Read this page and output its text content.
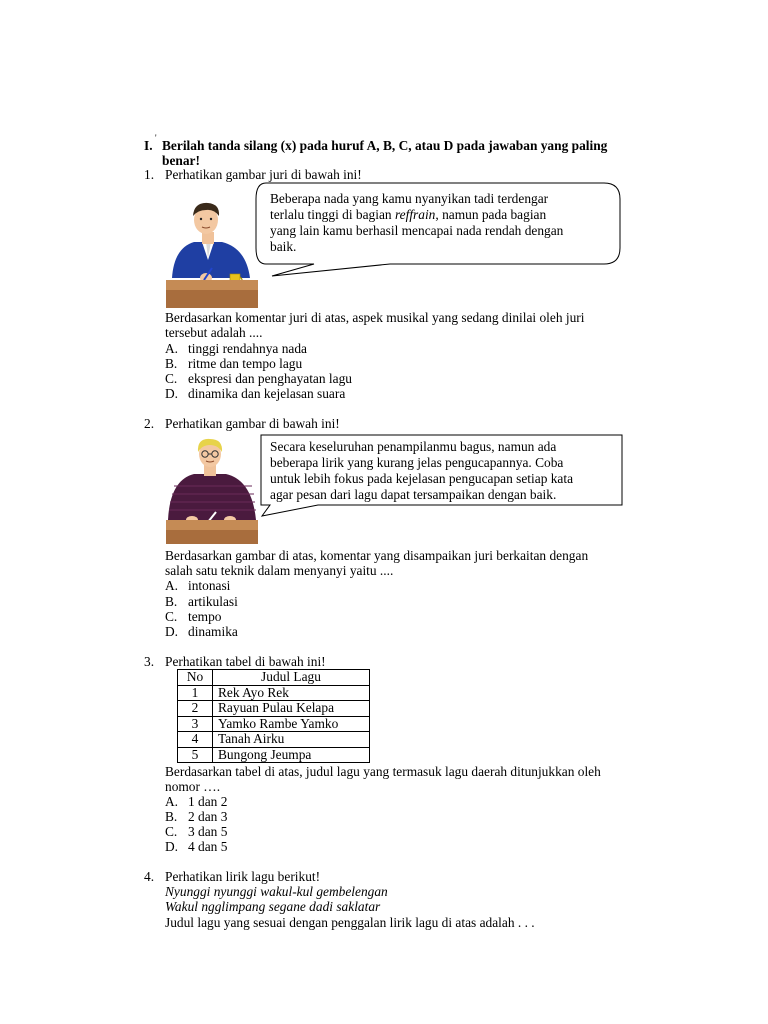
I. ' Berilah tanda silang (x) pada huruf A, B, C, atau D pada jawaban yang paling
benar!
1. Perhatikan gambar juri di bawah ini!
Beberapa nada yang kamu nyanyikan tadi terdengar
terlalu tinggi di bagian reffrain, namun pada bagian
yang lain kamu berhasil mencapai nada rendah dengan
baik.
Berdasarkan komentar juri di atas, aspek musikal yang sedang dinilai oleh juri
tersebut adalah ....
A. tinggi rendahnya nada
B. ritme dan tempo lagu
C. ekspresi dan penghayatan lagu
D. dinamika dan kejelasan suara
2. Perhatikan gambar di bawah ini!
Secara keseluruhan penampilanmu bagus, namun ada
beberapa lirik yang kurang jelas pengucapannya. Coba
untuk lebih fokus pada kejelasan pengucapan setiap kata
agar pesan dari lagu dapat tersampaikan dengan baik.
Berdasarkan gambar di atas, komentar yang disampaikan juri berkaitan dengan
salah satu teknik dalam menyanyi yaitu ....
A. intonasi
B. artikulasi
C. tempo
D. dinamika
3. Perhatikan tabel di bawah ini!
No	Judul Lagu
1	Rek Ayo Rek
2	Rayuan Pulau Kelapa
3	Yamko Rambe Yamko
4	Tanah Airku
5	Bungong Jeumpa
Berdasarkan tabel di atas, judul lagu yang termasuk lagu daerah ditunjukkan oleh
nomor ….
A. 1 dan 2
B. 2 dan 3
C. 3 dan 5
D. 4 dan 5
4. Perhatikan lirik lagu berikut!
Nyunggi nyunggi wakul-kul gembelengan
Wakul ngglimpang segane dadi saklatar
Judul lagu yang sesuai dengan penggalan lirik lagu di atas adalah . . .
